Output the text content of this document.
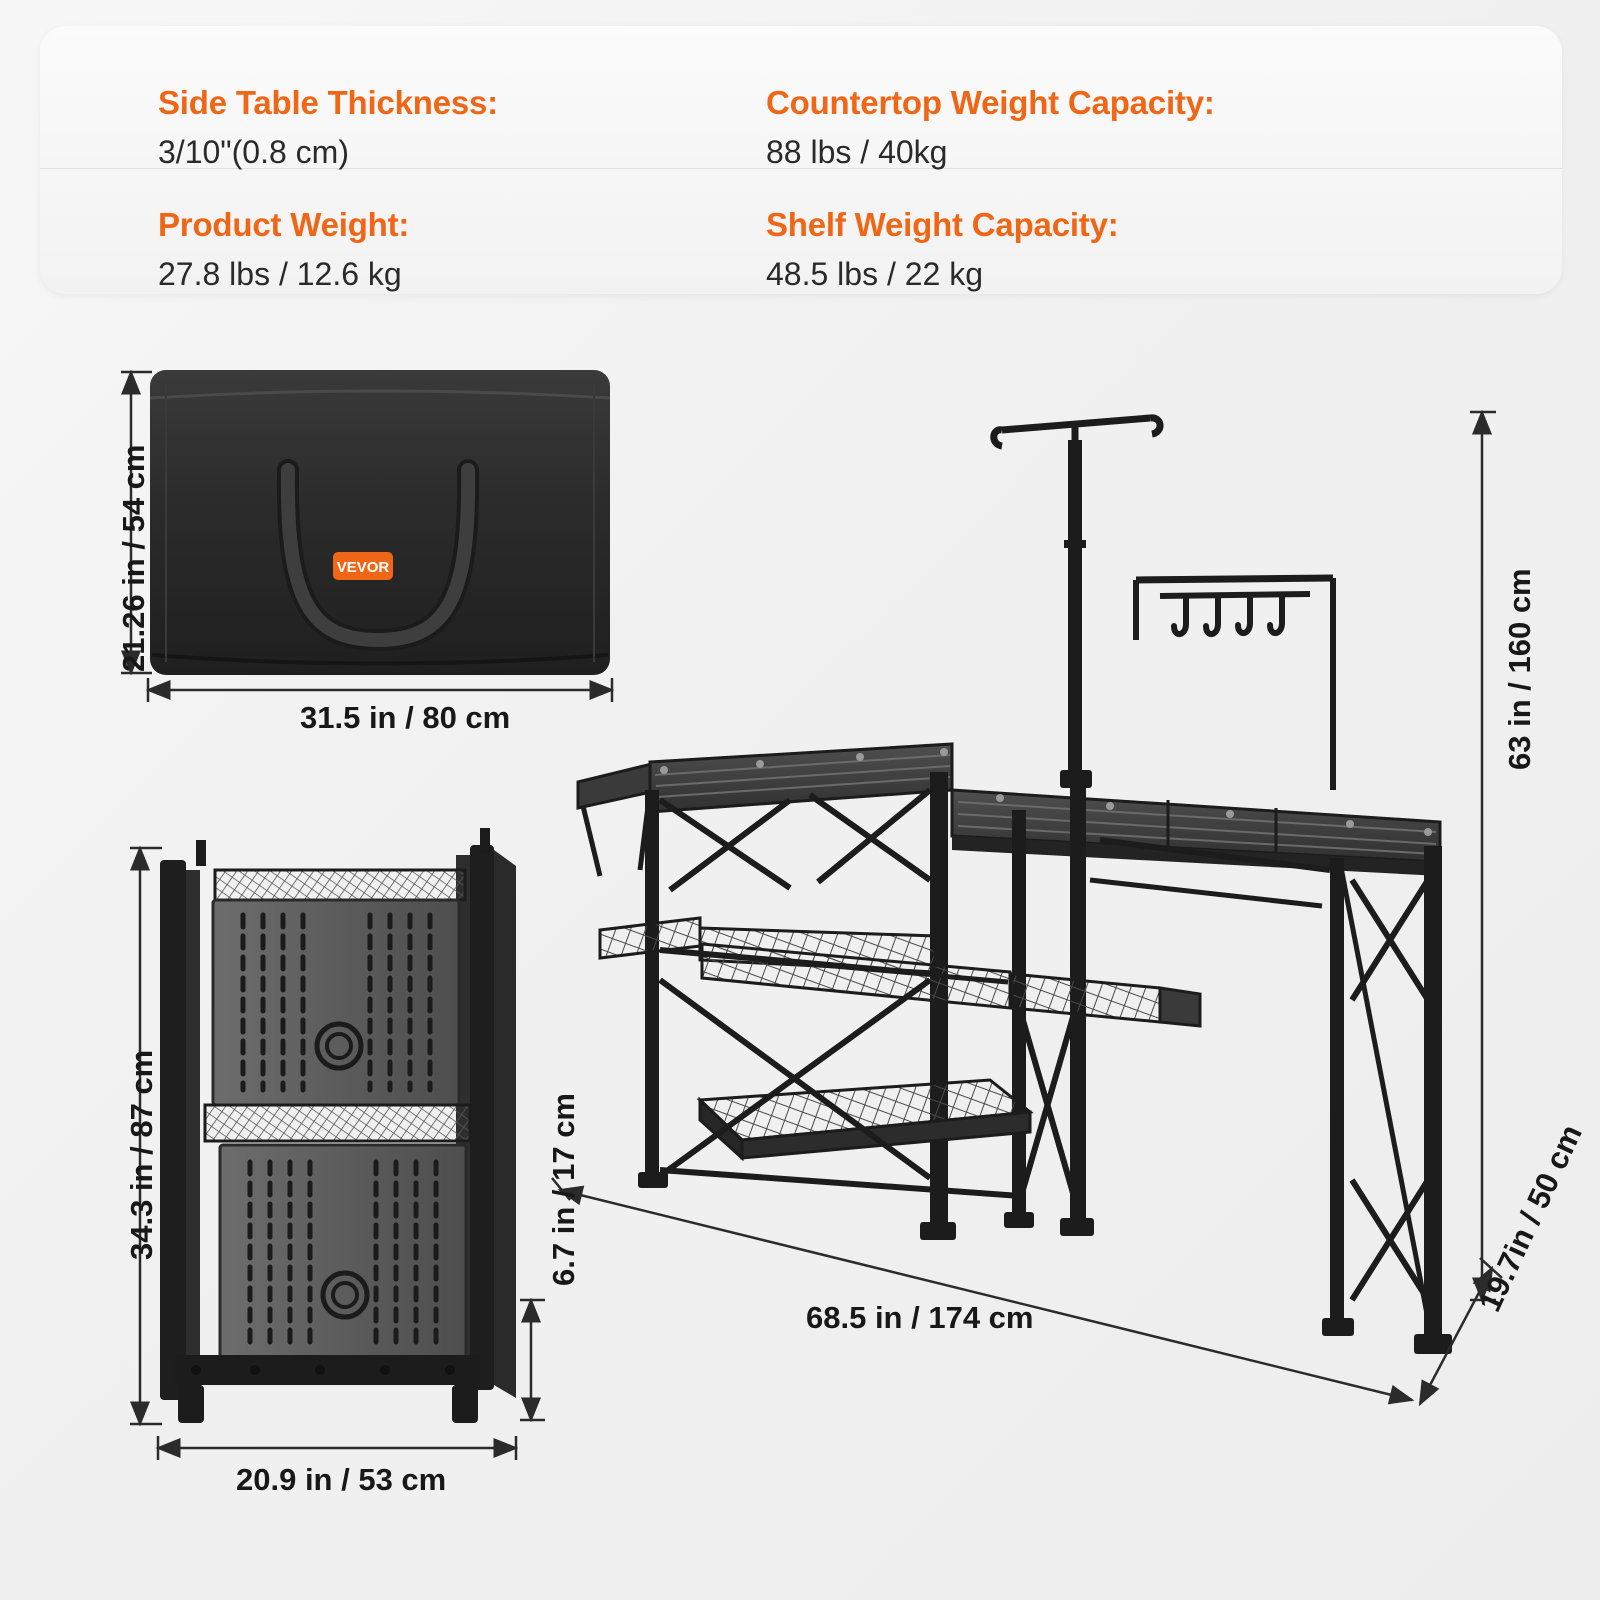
Side Table Thickness:
3/10"(0.8 cm)
Countertop Weight Capacity:
88 lbs / 40kg
Product Weight:
27.8 lbs / 12.6 kg
Shelf Weight Capacity:
48.5 lbs / 22 kg
VEVOR
21.26 in / 54 cm
31.5 in / 80 cm
34.3 in / 87 cm
20.9 in / 53 cm
6.7 in / 17 cm
63 in / 160 cm
68.5 in / 174 cm
19.7in / 50 cm
